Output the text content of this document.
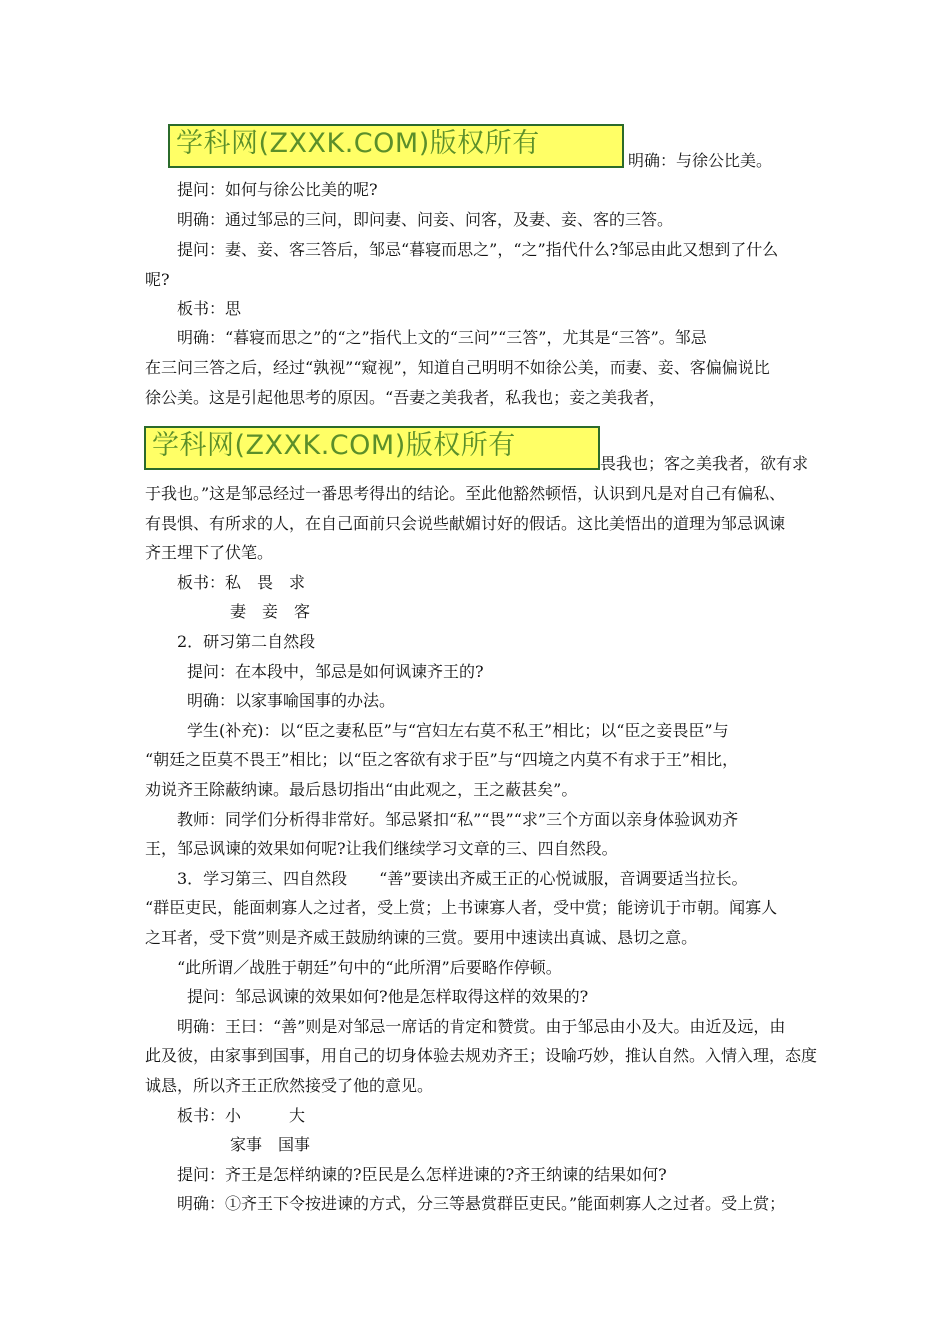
学科网(ZXXK.COM)版权所有
明确：与徐公比美。
提问：如何与徐公比美的呢?
明确：通过邹忌的三问，即问妻、问妾、问客，及妻、妾、客的三答。
提问：妻、妾、客三答后，邹忌“暮寝而思之”，“之”指代什么?邹忌由此又想到了什么
呢?
板书：思
明确：“暮寝而思之”的“之”指代上文的“三问”“三答”，尤其是“三答”。邹忌
在三问三答之后，经过“孰视”“窥视”，知道自己明明不如徐公美，而妻、妾、客偏偏说比
徐公美。这是引起他思考的原因。“吾妻之美我者，私我也；妾之美我者，
学科网(ZXXK.COM)版权所有
畏我也；客之美我者，欲有求
于我也。”这是邹忌经过一番思考得出的结论。至此他豁然顿悟，认识到凡是对自己有偏私、
有畏惧、有所求的人，在自己面前只会说些献媚讨好的假话。这比美悟出的道理为邹忌讽谏
齐王埋下了伏笔。
板书：私　畏　求
妻　妾　客
2．研习第二自然段
提问：在本段中，邹忌是如何讽谏齐王的?
明确：以家事喻国事的办法。
学生(补充)：以“臣之妻私臣”与“宫妇左右莫不私王”相比；以“臣之妾畏臣”与
“朝廷之臣莫不畏王”相比；以“臣之客欲有求于臣”与“四境之内莫不有求于王”相比，
劝说齐王除蔽纳谏。最后恳切指出“由此观之，王之蔽甚矣”。
教师：同学们分析得非常好。邹忌紧扣“私”“畏”“求”三个方面以亲身体验讽劝齐
王，邹忌讽谏的效果如何呢?让我们继续学习文章的三、四自然段。
3．学习第三、四自然段　　“善”要读出齐威王正的心悦诚服，音调要适当拉长。
“群臣吏民，能面刺寡人之过者，受上赏；上书谏寡人者，受中赏；能谤讥于市朝。闻寡人
之耳者，受下赏”则是齐威王鼓励纳谏的三赏。要用中速读出真诚、恳切之意。
“此所谓／战胜于朝廷”句中的“此所渭”后要略作停顿。
提问：邹忌讽谏的效果如何?他是怎样取得这样的效果的?
明确：王曰：“善”则是对邹忌一席话的肯定和赞赏。由于邹忌由小及大。由近及远，由
此及彼，由家事到国事，用自己的切身体验去规劝齐王；设喻巧妙，推认自然。入情入理，态度
诚恳，所以齐王正欣然接受了他的意见。
板书：小　　　大
家事　国事
提问：齐王是怎样纳谏的?臣民是么怎样进谏的?齐王纳谏的结果如何?
明确：①齐王下令按进谏的方式，分三等悬赏群臣吏民。”能面刺寡人之过者。受上赏；
